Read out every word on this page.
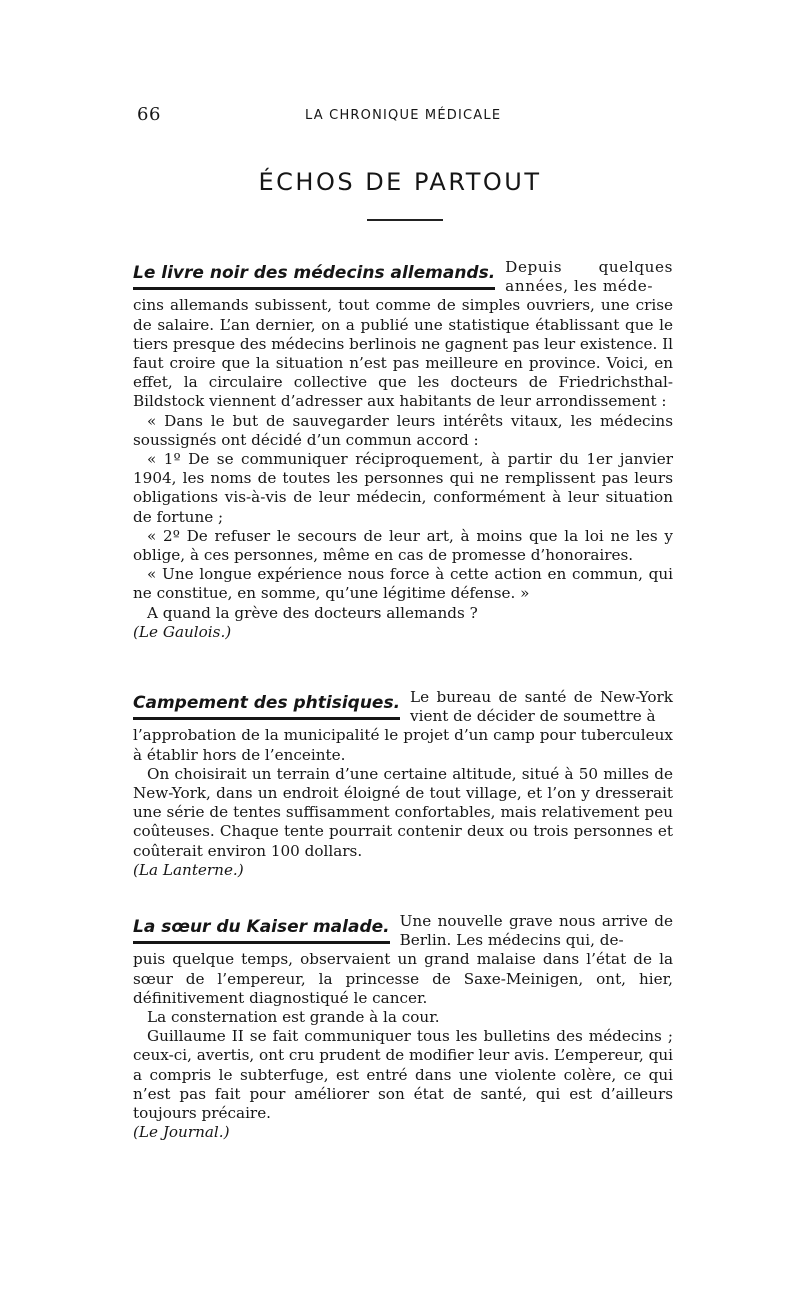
66	LA CHRONIQUE MÉDICALE
ÉCHOS DE PARTOUT
Le livre noir des médecins allemands. Depuis quelques années, les méde-

cins allemands subissent, tout comme de simples ouvriers, une crise de salaire. L’an dernier, on a publié une statistique établissant que le tiers presque des médecins berlinois ne gagnent pas leur existence. Il faut croire que la situation n’est pas meilleure en province. Voici, en effet, la circulaire collective que les docteurs de Friedrichsthal-Bildstock viennent d’adresser aux habitants de leur arrondissement :

« Dans le but de sauvegarder leurs intérêts vitaux, les médecins soussignés ont décidé d’un commun accord :

« 1º De se communiquer réciproquement, à partir du 1er janvier 1904, les noms de toutes les personnes qui ne remplissent pas leurs obligations vis-à-vis de leur médecin, conformément à leur situation de fortune ;

« 2º De refuser le secours de leur art, à moins que la loi ne les y oblige, à ces personnes, même en cas de promesse d’honoraires.

« Une longue expérience nous force à cette action en commun, qui ne constitue, en somme, qu’une légitime défense. »

A quand la grève des docteurs allemands ?

(Le Gaulois.)

Campement des phtisiques. Le bureau de santé de New-York vient de décider de soumettre à

l’approbation de la municipalité le projet d’un camp pour tuberculeux à établir hors de l’enceinte.

On choisirait un terrain d’une certaine altitude, situé à 50 milles de New-York, dans un endroit éloigné de tout village, et l’on y dresserait une série de tentes suffisamment confortables, mais relativement peu coûteuses. Chaque tente pourrait contenir deux ou trois personnes et coûterait environ 100 dollars.

(La Lanterne.)

La sœur du Kaiser malade. Une nouvelle grave nous arrive de Berlin. Les médecins qui, de-

puis quelque temps, observaient un grand malaise dans l’état de la sœur de l’empereur, la princesse de Saxe-Meinigen, ont, hier, définitivement diagnostiqué le cancer.

La consternation est grande à la cour.

Guillaume II se fait communiquer tous les bulletins des médecins ; ceux-ci, avertis, ont cru prudent de modifier leur avis. L’empereur, qui a compris le subterfuge, est entré dans une violente colère, ce qui n’est pas fait pour améliorer son état de santé, qui est d’ailleurs toujours précaire.

(Le Journal.)
